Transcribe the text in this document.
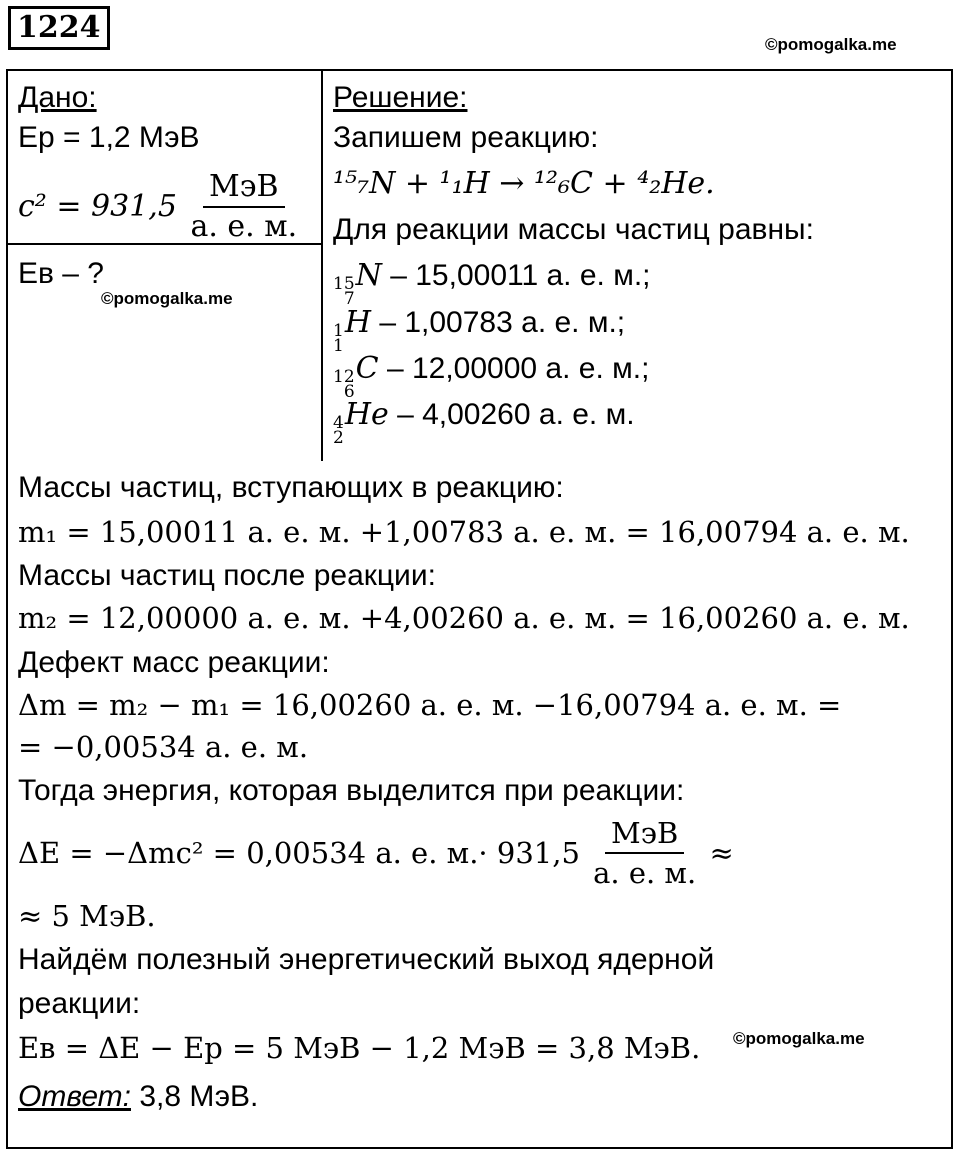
1224	©pomogalka.me
Дано:
Eр = 1,2 МэВ
$c^2 = 931,5 \frac{\text{МэВ}}{а. е. м.}$
Eв – ?
©pomogalka.me
Решение:
Запишем реакцию:
¹⁵₇N + ¹₁H → ¹²₆C + ⁴₂He.
Для реакции массы частиц равны:
15
7
N – 15,00011 а. е. м.;
1
1
H – 1,00783 а. е. м.;
12
6
C – 12,00000 а. е. м.;
4
2
He – 4,00260 а. е. м.
Массы частиц, вступающих в реакцию:
m₁ = 15,00011 а. е. м. +1,00783 а. е. м. = 16,00794 а. е. м.
Массы частиц после реакции:
m₂ = 12,00000 а. е. м. +4,00260 а. е. м. = 16,00260 а. е. м.
Дефект масс реакции:
Δm = m₂ − m₁ = 16,00260 а. е. м. −16,00794 а. е. м. =
= −0,00534 а. е. м.
Тогда энергия, которая выделится при реакции:
ΔE = −Δmc² = 0,00534 а. е. $м.\cdot 931,5 \frac{\text{МэВ}}{а. е. м.}$ ≈
≈ 5 МэВ.
Найдём полезный энергетический выход ядерной
реакции:
Eв = ΔE − Ep = 5 МэВ − 1,2 МэВ = 3,8 МэВ. ©pomogalka.me
Ответ: 3,8 МэВ.
